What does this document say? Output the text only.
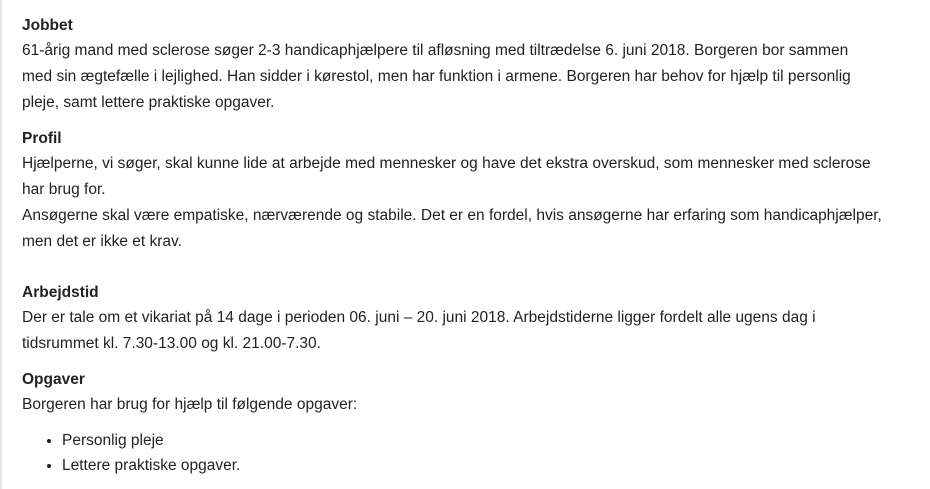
Jobbet
61-årig mand med sclerose søger 2-3 handicaphjælpere til afløsning med tiltrædelse 6. juni 2018. Borgeren bor sammen
med sin ægtefælle i lejlighed. Han sidder i kørestol, men har funktion i armene. Borgeren har behov for hjælp til personlig
pleje, samt lettere praktiske opgaver.
Profil
Hjælperne, vi søger, skal kunne lide at arbejde med mennesker og have det ekstra overskud, som mennesker med sclerose
har brug for.
Ansøgerne skal være empatiske, nærværende og stabile. Det er en fordel, hvis ansøgerne har erfaring som handicaphjælper,
men det er ikke et krav.
Arbejdstid
Der er tale om et vikariat på 14 dage i perioden 06. juni – 20. juni 2018. Arbejdstiderne ligger fordelt alle ugens dag i
tidsrummet kl. 7.30-13.00 og kl. 21.00-7.30.
Opgaver
Borgeren har brug for hjælp til følgende opgaver:
• Personlig pleje
• Lettere praktiske opgaver.
